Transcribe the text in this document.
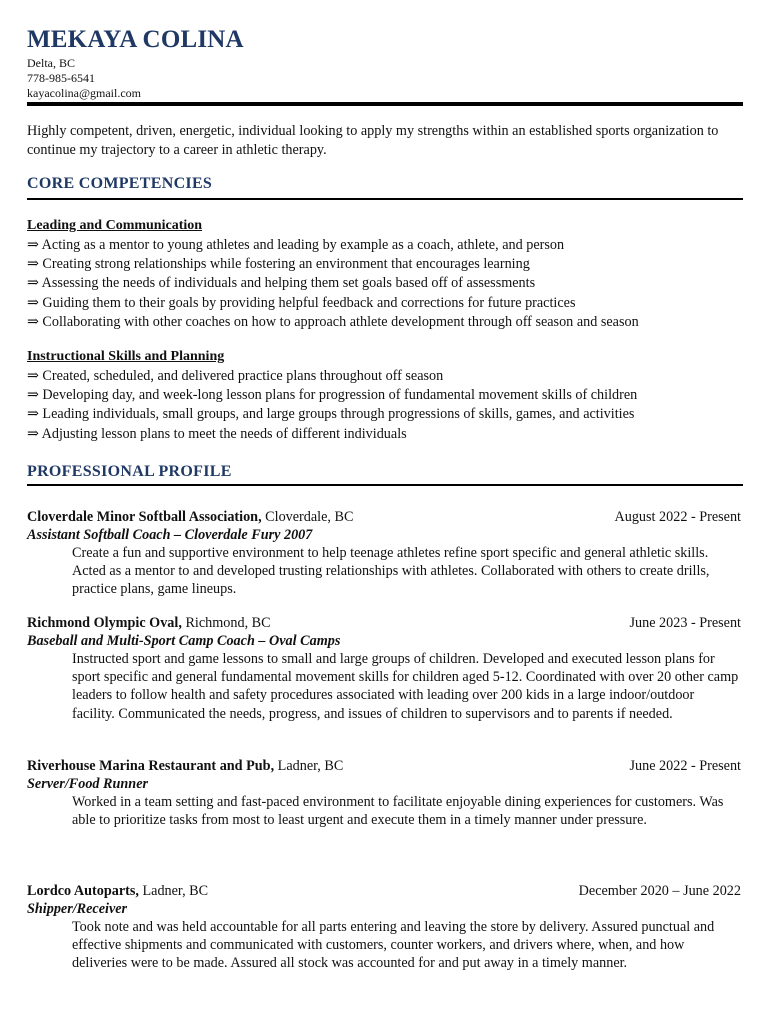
MEKAYA COLINA
Delta, BC
778-985-6541
kayacolina@gmail.com
Highly competent, driven, energetic, individual looking to apply my strengths within an established sports organization to continue my trajectory to a career in athletic therapy.
CORE COMPETENCIES
Leading and Communication
⇒ Acting as a mentor to young athletes and leading by example as a coach, athlete, and person
⇒ Creating strong relationships while fostering an environment that encourages learning
⇒ Assessing the needs of individuals and helping them set goals based off of assessments
⇒ Guiding them to their goals by providing helpful feedback and corrections for future practices
⇒ Collaborating with other coaches on how to approach athlete development through off season and season
Instructional Skills and Planning
⇒ Created, scheduled, and delivered practice plans throughout off season
⇒ Developing day, and week-long lesson plans for progression of fundamental movement skills of children
⇒ Leading individuals, small groups, and large groups through progressions of skills, games, and activities
⇒ Adjusting lesson plans to meet the needs of different individuals
PROFESSIONAL PROFILE
Cloverdale Minor Softball Association, Cloverdale, BC	August 2022 - Present
Assistant Softball Coach – Cloverdale Fury 2007
Create a fun and supportive environment to help teenage athletes refine sport specific and general athletic skills. Acted as a mentor to and developed trusting relationships with athletes. Collaborated with others to create drills, practice plans, game lineups.
Richmond Olympic Oval, Richmond, BC	June 2023 - Present
Baseball and Multi-Sport Camp Coach – Oval Camps
Instructed sport and game lessons to small and large groups of children. Developed and executed lesson plans for sport specific and general fundamental movement skills for children aged 5-12. Coordinated with over 20 other camp leaders to follow health and safety procedures associated with leading over 200 kids in a large indoor/outdoor facility. Communicated the needs, progress, and issues of children to supervisors and to parents if needed.
Riverhouse Marina Restaurant and Pub, Ladner, BC	June 2022 - Present
Server/Food Runner
Worked in a team setting and fast-paced environment to facilitate enjoyable dining experiences for customers. Was able to prioritize tasks from most to least urgent and execute them in a timely manner under pressure.
Lordco Autoparts, Ladner, BC	December 2020 – June 2022
Shipper/Receiver
Took note and was held accountable for all parts entering and leaving the store by delivery. Assured punctual and effective shipments and communicated with customers, counter workers, and drivers where, when, and how deliveries were to be made. Assured all stock was accounted for and put away in a timely manner.
